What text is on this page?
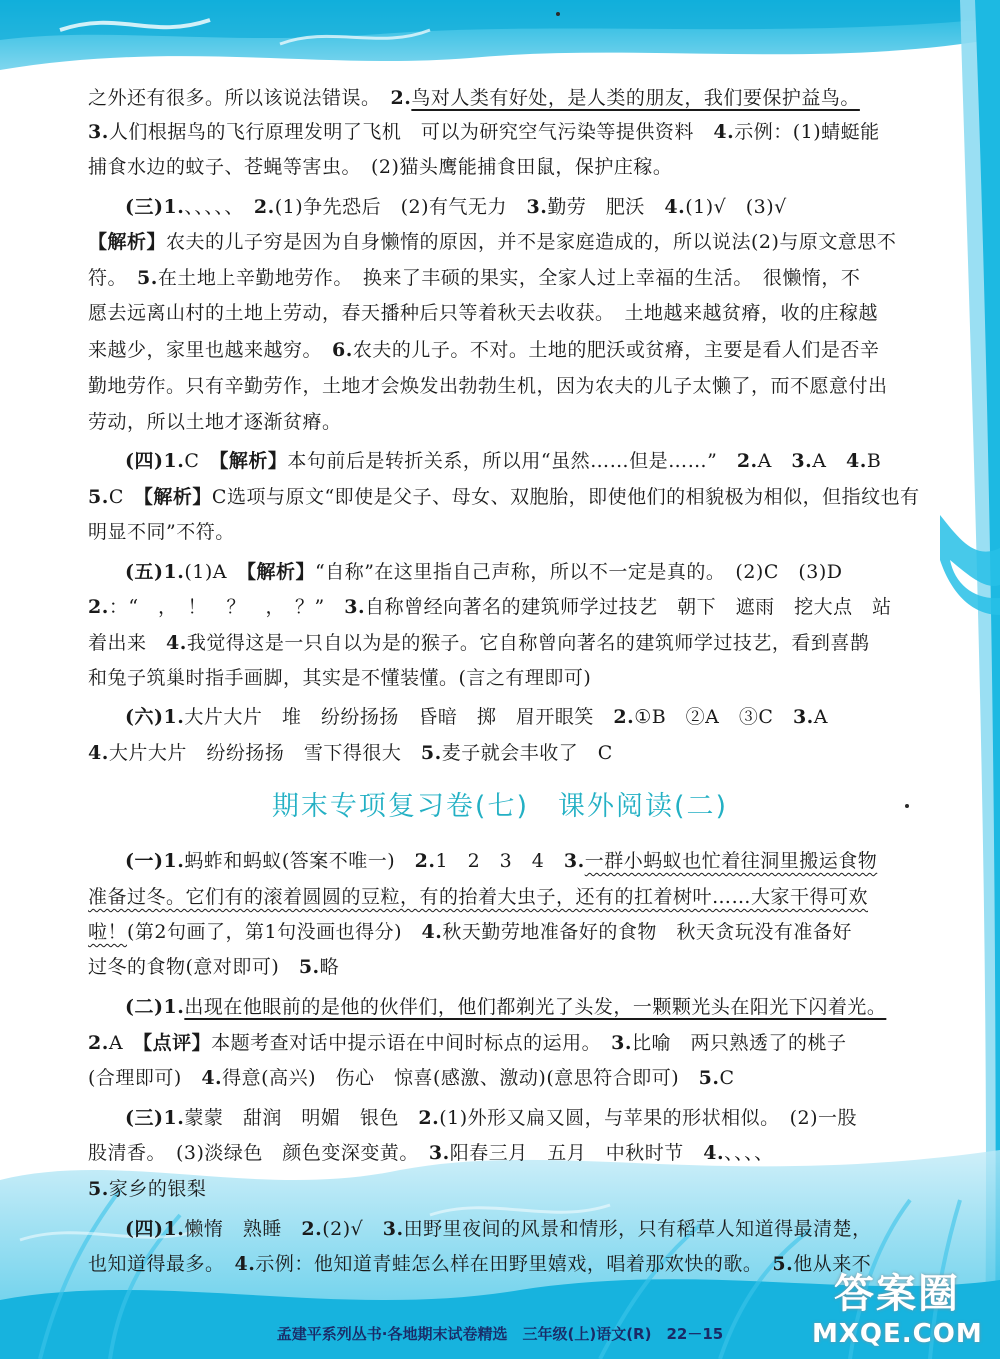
之外还有很多。所以该说法错误。　2.鸟对人类有好处，是人类的朋友，我们要保护益鸟。
3.人们根据鸟的飞行原理发明了飞机　可以为研究空气污染等提供资料　4.示例：(1)蜻蜓能
捕食水边的蚊子、苍蝇等害虫。　(2)猫头鹰能捕食田鼠，保护庄稼。
(三)1.、、、、、　2.(1)争先恐后　(2)有气无力　3.勤劳　肥沃　4.(1)√　(3)√
【解析】农夫的儿子穷是因为自身懒惰的原因，并不是家庭造成的，所以说法(2)与原文意思不
符。　5.在土地上辛勤地劳作。　换来了丰硕的果实，全家人过上幸福的生活。　很懒惰，不
愿去远离山村的土地上劳动，春天播种后只等着秋天去收获。　土地越来越贫瘠，收的庄稼越
来越少，家里也越来越穷。　6.农夫的儿子。不对。土地的肥沃或贫瘠，主要是看人们是否辛
勤地劳作。只有辛勤劳作，土地才会焕发出勃勃生机，因为农夫的儿子太懒了，而不愿意付出
劳动，所以土地才逐渐贫瘠。
(四)1.C　【解析】本句前后是转折关系，所以用“虽然……但是……”　2.A　3.A　4.B
5.C　【解析】C选项与原文“即使是父子、母女、双胞胎，即使他们的相貌极为相似，但指纹也有
明显不同”不符。
(五)1.(1)A　【解析】“自称”在这里指自己声称，所以不一定是真的。　(2)C　(3)D
2.：“　，　！　？　，　？”　3.自称曾经向著名的建筑师学过技艺　朝下　遮雨　挖大点　站
着出来　4.我觉得这是一只自以为是的猴子。它自称曾向著名的建筑师学过技艺，看到喜鹊
和兔子筑巢时指手画脚，其实是不懂装懂。(言之有理即可)
(六)1.大片大片　堆　纷纷扬扬　昏暗　掷　眉开眼笑　2.①B　②A　③C　3.A
4.大片大片　纷纷扬扬　雪下得很大　5.麦子就会丰收了　C
(一)1.蚂蚱和蚂蚁(答案不唯一)　2.1　2　3　4　3.一群小蚂蚁也忙着往洞里搬运食物
准备过冬。它们有的滚着圆圆的豆粒，有的抬着大虫子，还有的扛着树叶……大家干得可欢
啦！(第2句画了，第1句没画也得分)　4.秋天勤劳地准备好的食物　秋天贪玩没有准备好
过冬的食物(意对即可)　5.略
(二)1.出现在他眼前的是他的伙伴们，他们都剃光了头发，一颗颗光头在阳光下闪着光。
2.A　【点评】本题考查对话中提示语在中间时标点的运用。　3.比喻　两只熟透了的桃子
(合理即可)　4.得意(高兴)　伤心　惊喜(感激、激动)(意思符合即可)　5.C
(三)1.蒙蒙　甜润　明媚　银色　2.(1)外形又扁又圆，与苹果的形状相似。　(2)一股
股清香。　(3)淡绿色　颜色变深变黄。　3.阳春三月　五月　中秋时节　4.、、、、
5.家乡的银梨
(四)1.懒惰　熟睡　2.(2)√　3.田野里夜间的风景和情形，只有稻草人知道得最清楚，
也知道得最多。　4.示例：他知道青蛙怎么样在田野里嬉戏，唱着那欢快的歌。　5.他从来不
期末专项复习卷(七)　课外阅读(二)
孟建平系列丛书·各地期末试卷精选　三年级(上)语文(R)　22－15
答案圈
MXQE.COM
